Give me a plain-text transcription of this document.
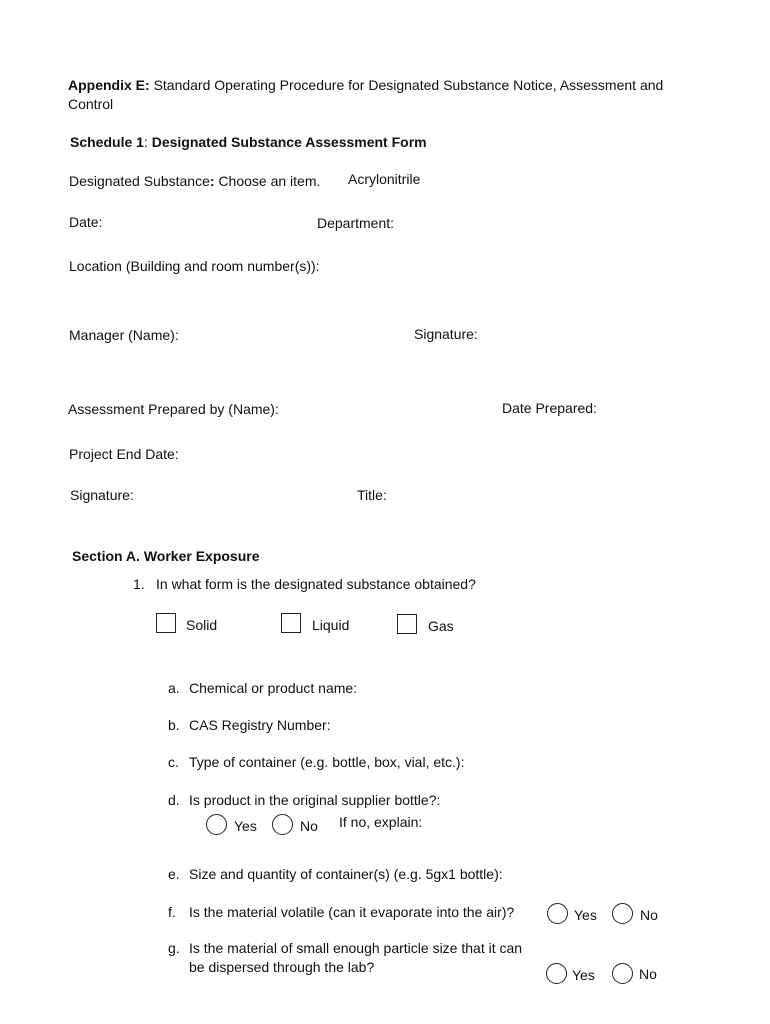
Appendix E: Standard Operating Procedure for Designated Substance Notice, Assessment and Control
Schedule 1: Designated Substance Assessment Form
Designated Substance: Choose an item. Acrylonitrile
Date:	Department:
Location (Building and room number(s)):
Manager (Name):	Signature:
Assessment Prepared by (Name):	Date Prepared:
Project End Date:
Signature:	Title:
Section A. Worker Exposure
1. In what form is the designated substance obtained?
Solid	Liquid	Gas
a. Chemical or product name:
b. CAS Registry Number:
c. Type of container (e.g. bottle, box, vial, etc.):
d. Is product in the original supplier bottle?:
Yes	No If no, explain:
e. Size and quantity of container(s) (e.g. 5gx1 bottle):
f. Is the material volatile (can it evaporate into the air)?	Yes	No
g. Is the material of small enough particle size that it can
be dispersed through the lab?	Yes	No
